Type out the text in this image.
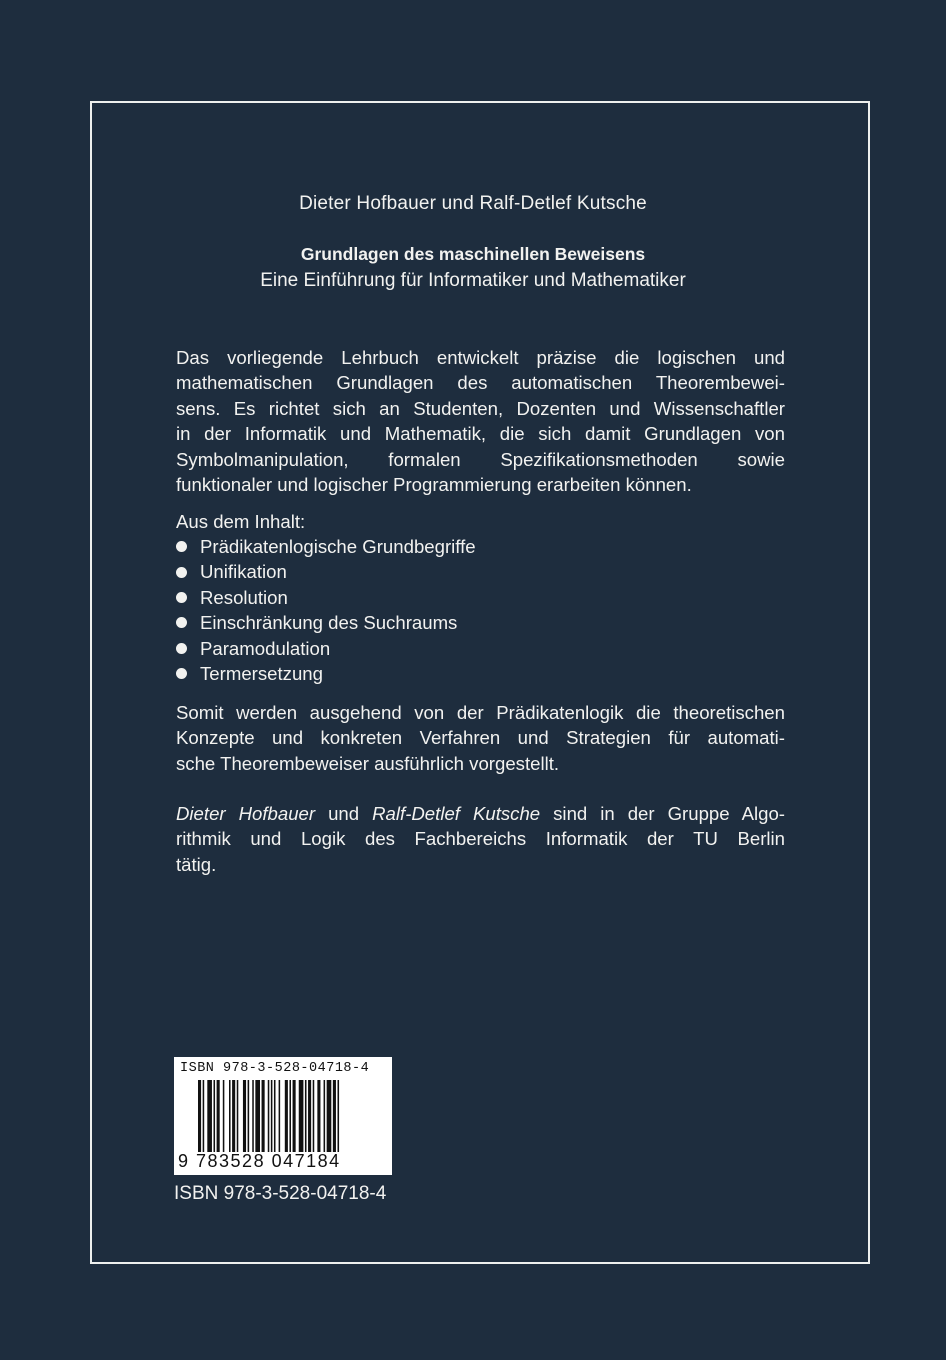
Dieter Hofbauer und Ralf-Detlef Kutsche
Grundlagen des maschinellen Beweisens
Eine Einführung für Informatiker und Mathematiker
Das vorliegende Lehrbuch entwickelt präzise die logischen und
mathematischen Grundlagen des automatischen Theorembewei-
sens. Es richtet sich an Studenten, Dozenten und Wissenschaftler
in der Informatik und Mathematik, die sich damit Grundlagen von
Symbolmanipulation, formalen Spezifikationsmethoden sowie
funktionaler und logischer Programmierung erarbeiten können.
Aus dem Inhalt:
Prädikatenlogische Grundbegriffe
Unifikation
Resolution
Einschränkung des Suchraums
Paramodulation
Termersetzung
Somit werden ausgehend von der Prädikatenlogik die theoretischen
Konzepte und konkreten Verfahren und Strategien für automati-
sche Theorembeweiser ausführlich vorgestellt.
Dieter Hofbauer und Ralf-Detlef Kutsche sind in der Gruppe Algo-
rithmik und Logik des Fachbereichs Informatik der TU Berlin
tätig.
ISBN 978-3-528-04718-4
9 783528 047184
ISBN 978-3-528-04718-4
